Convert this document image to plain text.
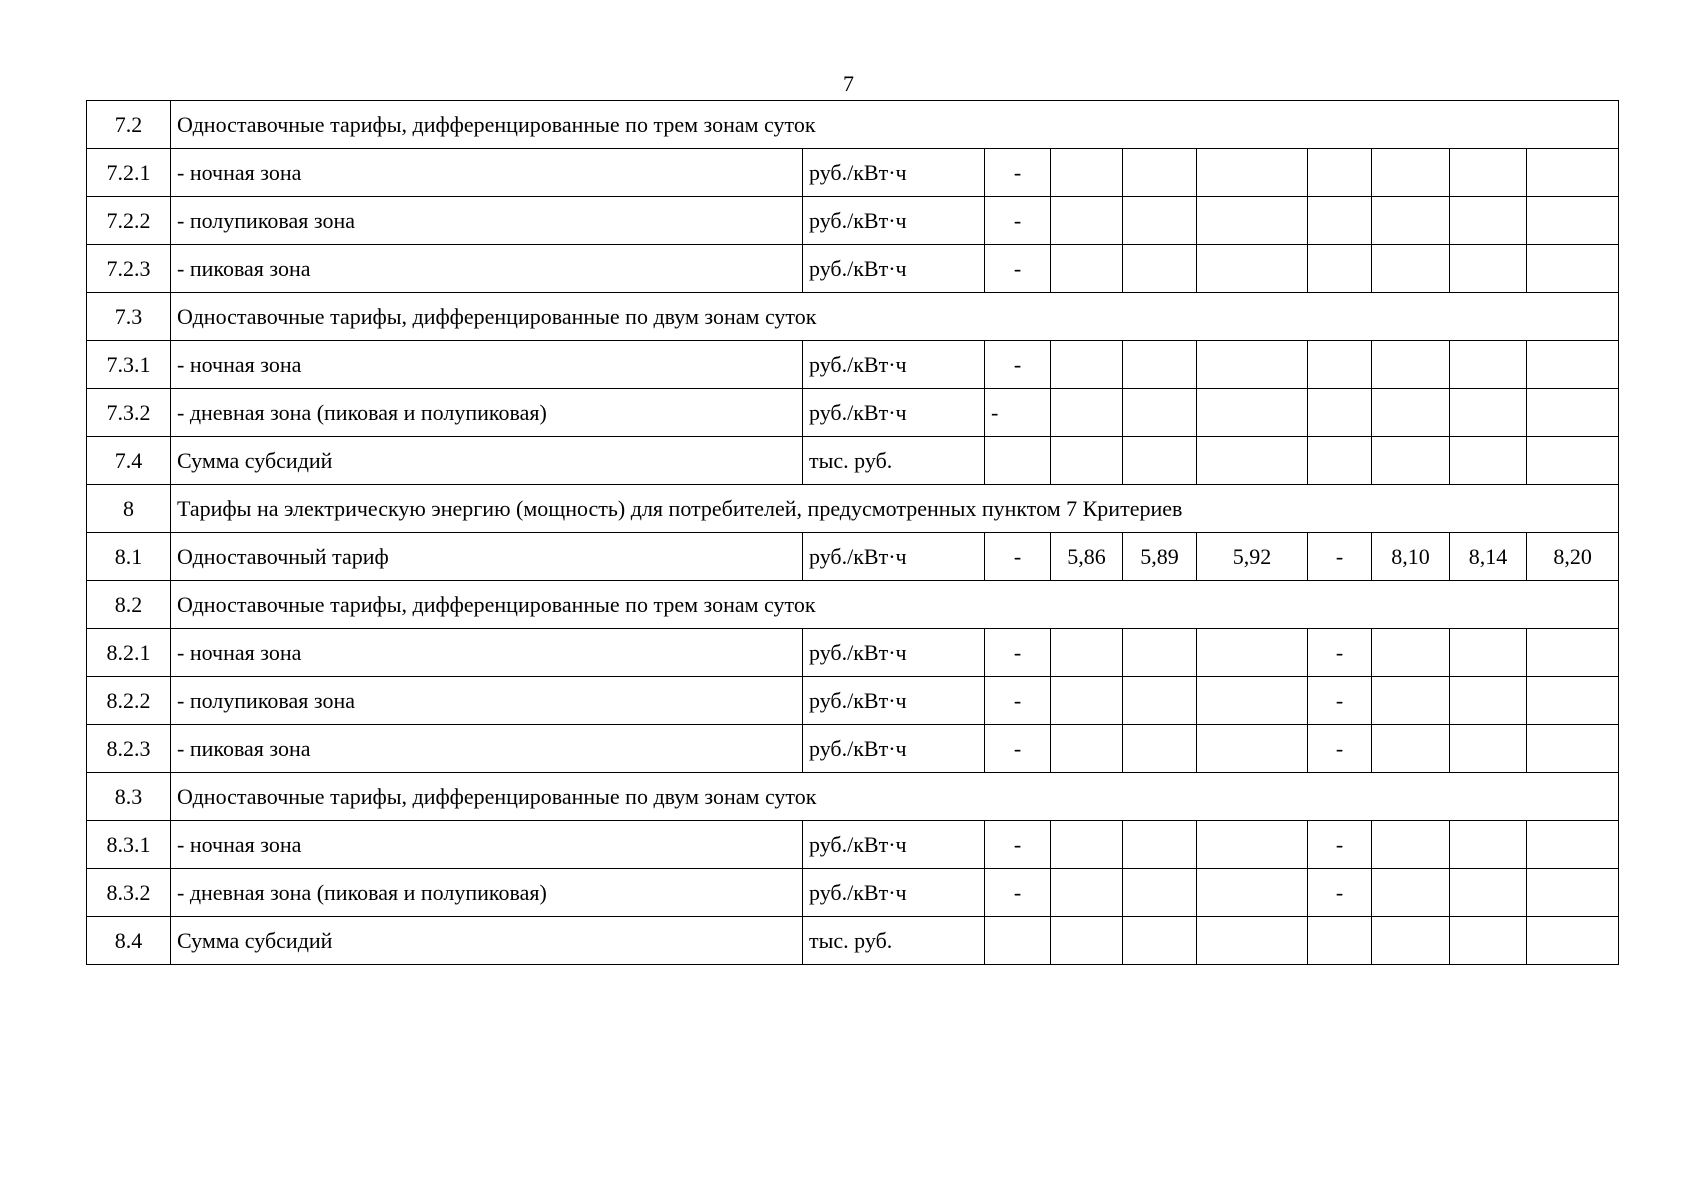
7
7.2	Одноставочные тарифы, дифференцированные по трем зонам суток									
7.2.1	- ночная зона	руб./кВт·ч	-							
7.2.2	- полупиковая зона	руб./кВт·ч	-							
7.2.3	- пиковая зона	руб./кВт·ч	-							
7.3	Одноставочные тарифы, дифференцированные по двум зонам суток									
7.3.1	- ночная зона	руб./кВт·ч	-							
7.3.2	- дневная зона (пиковая и полупиковая)	руб./кВт·ч	-							
7.4	Сумма субсидий	тыс. руб.								
8	Тарифы на электрическую энергию (мощность) для потребителей, предусмотренных пунктом 7 Критериев									
8.1	Одноставочный тариф	руб./кВт·ч	-	5,86	5,89	5,92	-	8,10	8,14	8,20
8.2	Одноставочные тарифы, дифференцированные по трем зонам суток									
8.2.1	- ночная зона	руб./кВт·ч	-				-			
8.2.2	- полупиковая зона	руб./кВт·ч	-				-			
8.2.3	- пиковая зона	руб./кВт·ч	-				-			
8.3	Одноставочные тарифы, дифференцированные по двум зонам суток									
8.3.1	- ночная зона	руб./кВт·ч	-				-			
8.3.2	- дневная зона (пиковая и полупиковая)	руб./кВт·ч	-				-			
8.4	Сумма субсидий	тыс. руб.								
